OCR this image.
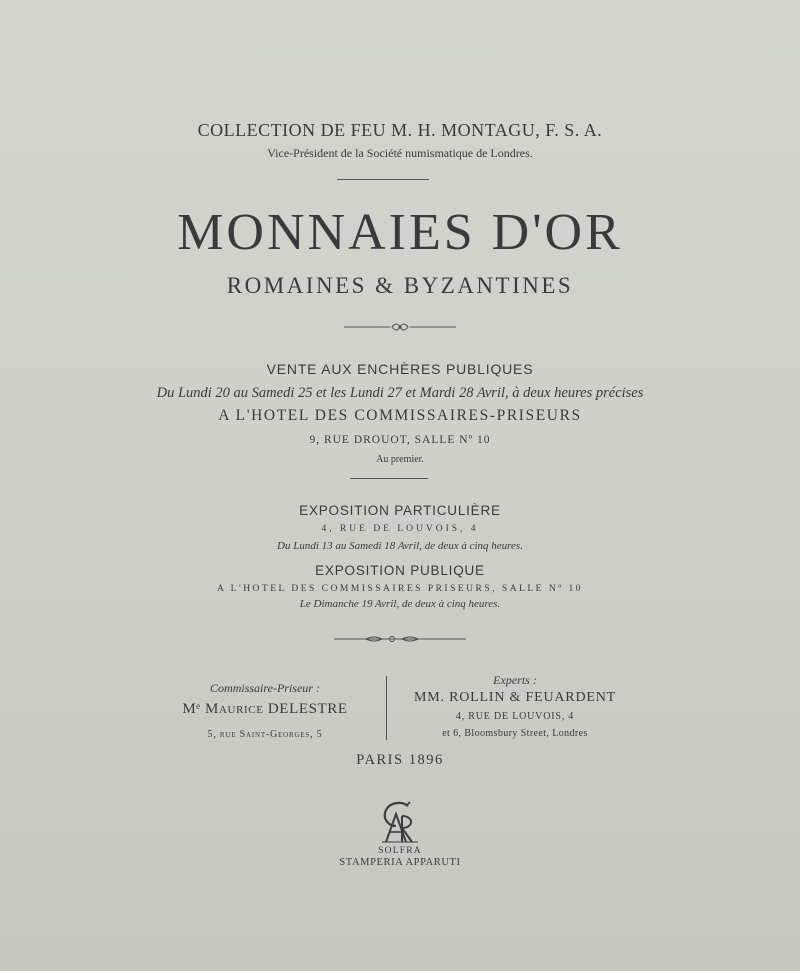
COLLECTION DE FEU M. H. MONTAGU, F. S. A.
Vice-Président de la Société numismatique de Londres.
MONNAIES D'OR
ROMAINES & BYZANTINES
VENTE AUX ENCHÈRES PUBLIQUES
Du Lundi 20 au Samedi 25 et les Lundi 27 et Mardi 28 Avril, à deux heures précises
A L'HOTEL DES COMMISSAIRES-PRISEURS
9, RUE DROUOT, SALLE Nº 10
Au premier.
EXPOSITION PARTICULIÈRE
4, RUE DE LOUVOIS, 4
Du Lundi 13 au Samedi 18 Avril, de deux à cinq heures.
EXPOSITION PUBLIQUE
A L'HOTEL DES COMMISSAIRES PRISEURS, SALLE Nº 10
Le Dimanche 19 Avril, de deux à cinq heures.
Commissaire-Priseur :
Mᵉ Maurice DELESTRE
5, rue Saint-Georges, 5
Experts :
MM. ROLLIN & FEUARDENT
4, RUE DE LOUVOIS, 4
et 6, Bloomsbury Street, Londres
PARIS 1896
SOLFRA
STAMPERIA APPARUTI
